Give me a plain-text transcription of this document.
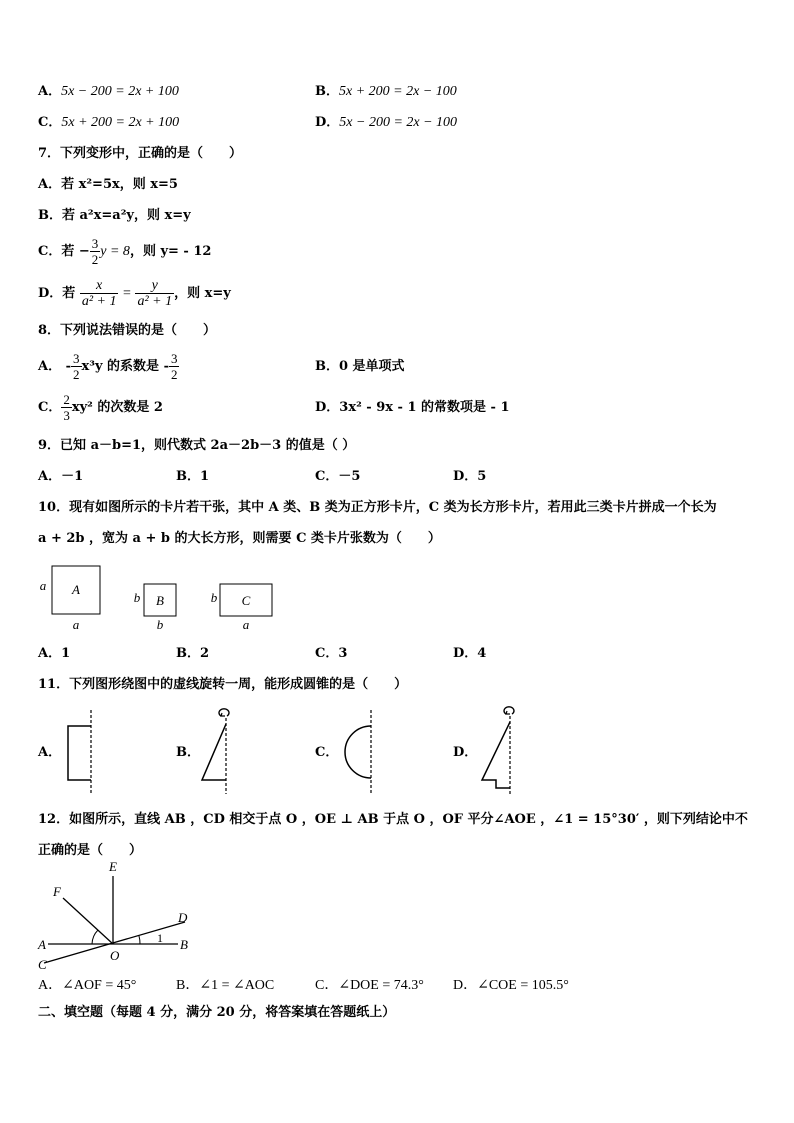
A．5x − 200 = 2x + 100	B．5x + 200 = 2x − 100
C．5x + 200 = 2x + 100	D．5x − 200 = 2x − 100
7．下列变形中，正确的是（　　）
A．若 x²=5x，则 x=5
B．若 a²x=a²y，则 x=y
C．若 − $\frac{3}{2}$ y = 8，则 y= - 12
D．若 $\frac{x}{\text{a² + 1}} = \frac{y}{\text{a² + 1}}$ ，则 x=y
8．下列说法错误的是（　　）
A． - $\frac{3}{2} x^3y$ 的系数是 - $\frac{3}{2}$	B．0 是单项式
C． $\frac{2}{3} xy^2$ 的次数是 2	D．3x² - 9x - 1 的常数项是 - 1
9．已知 a－b=1，则代数式 2a－2b－3 的值是（ ）
A．－1	B．1	C．－5	D．5
10．现有如图所示的卡片若干张，其中 A 类、B 类为正方形卡片，C 类为长方形卡片，若用此三类卡片拼成一个长为
a + 2b ，宽为 a + b 的大长方形，则需要 C 类卡片张数为（　　）
A
a
a
B
b
b
C
b
a
A．1	B．2	C．3	D．4
11．下列图形绕图中的虚线旋转一周，能形成圆锥的是（　　）
A．	B．	C．	D．
12．如图所示，直线 AB ，CD 相交于点 O ，OE ⊥ AB 于点 O ，OF 平分∠AOE ，∠1 = 15°30′ ，则下列结论中不
正确的是（　　）
E
F
D
A	B
C
O
1
A．∠AOF = 45°	B．∠1 = ∠AOC	C．∠DOE = 74.3° D．∠COE = 105.5°
二、填空题（每题 4 分，满分 20 分，将答案填在答题纸上）
